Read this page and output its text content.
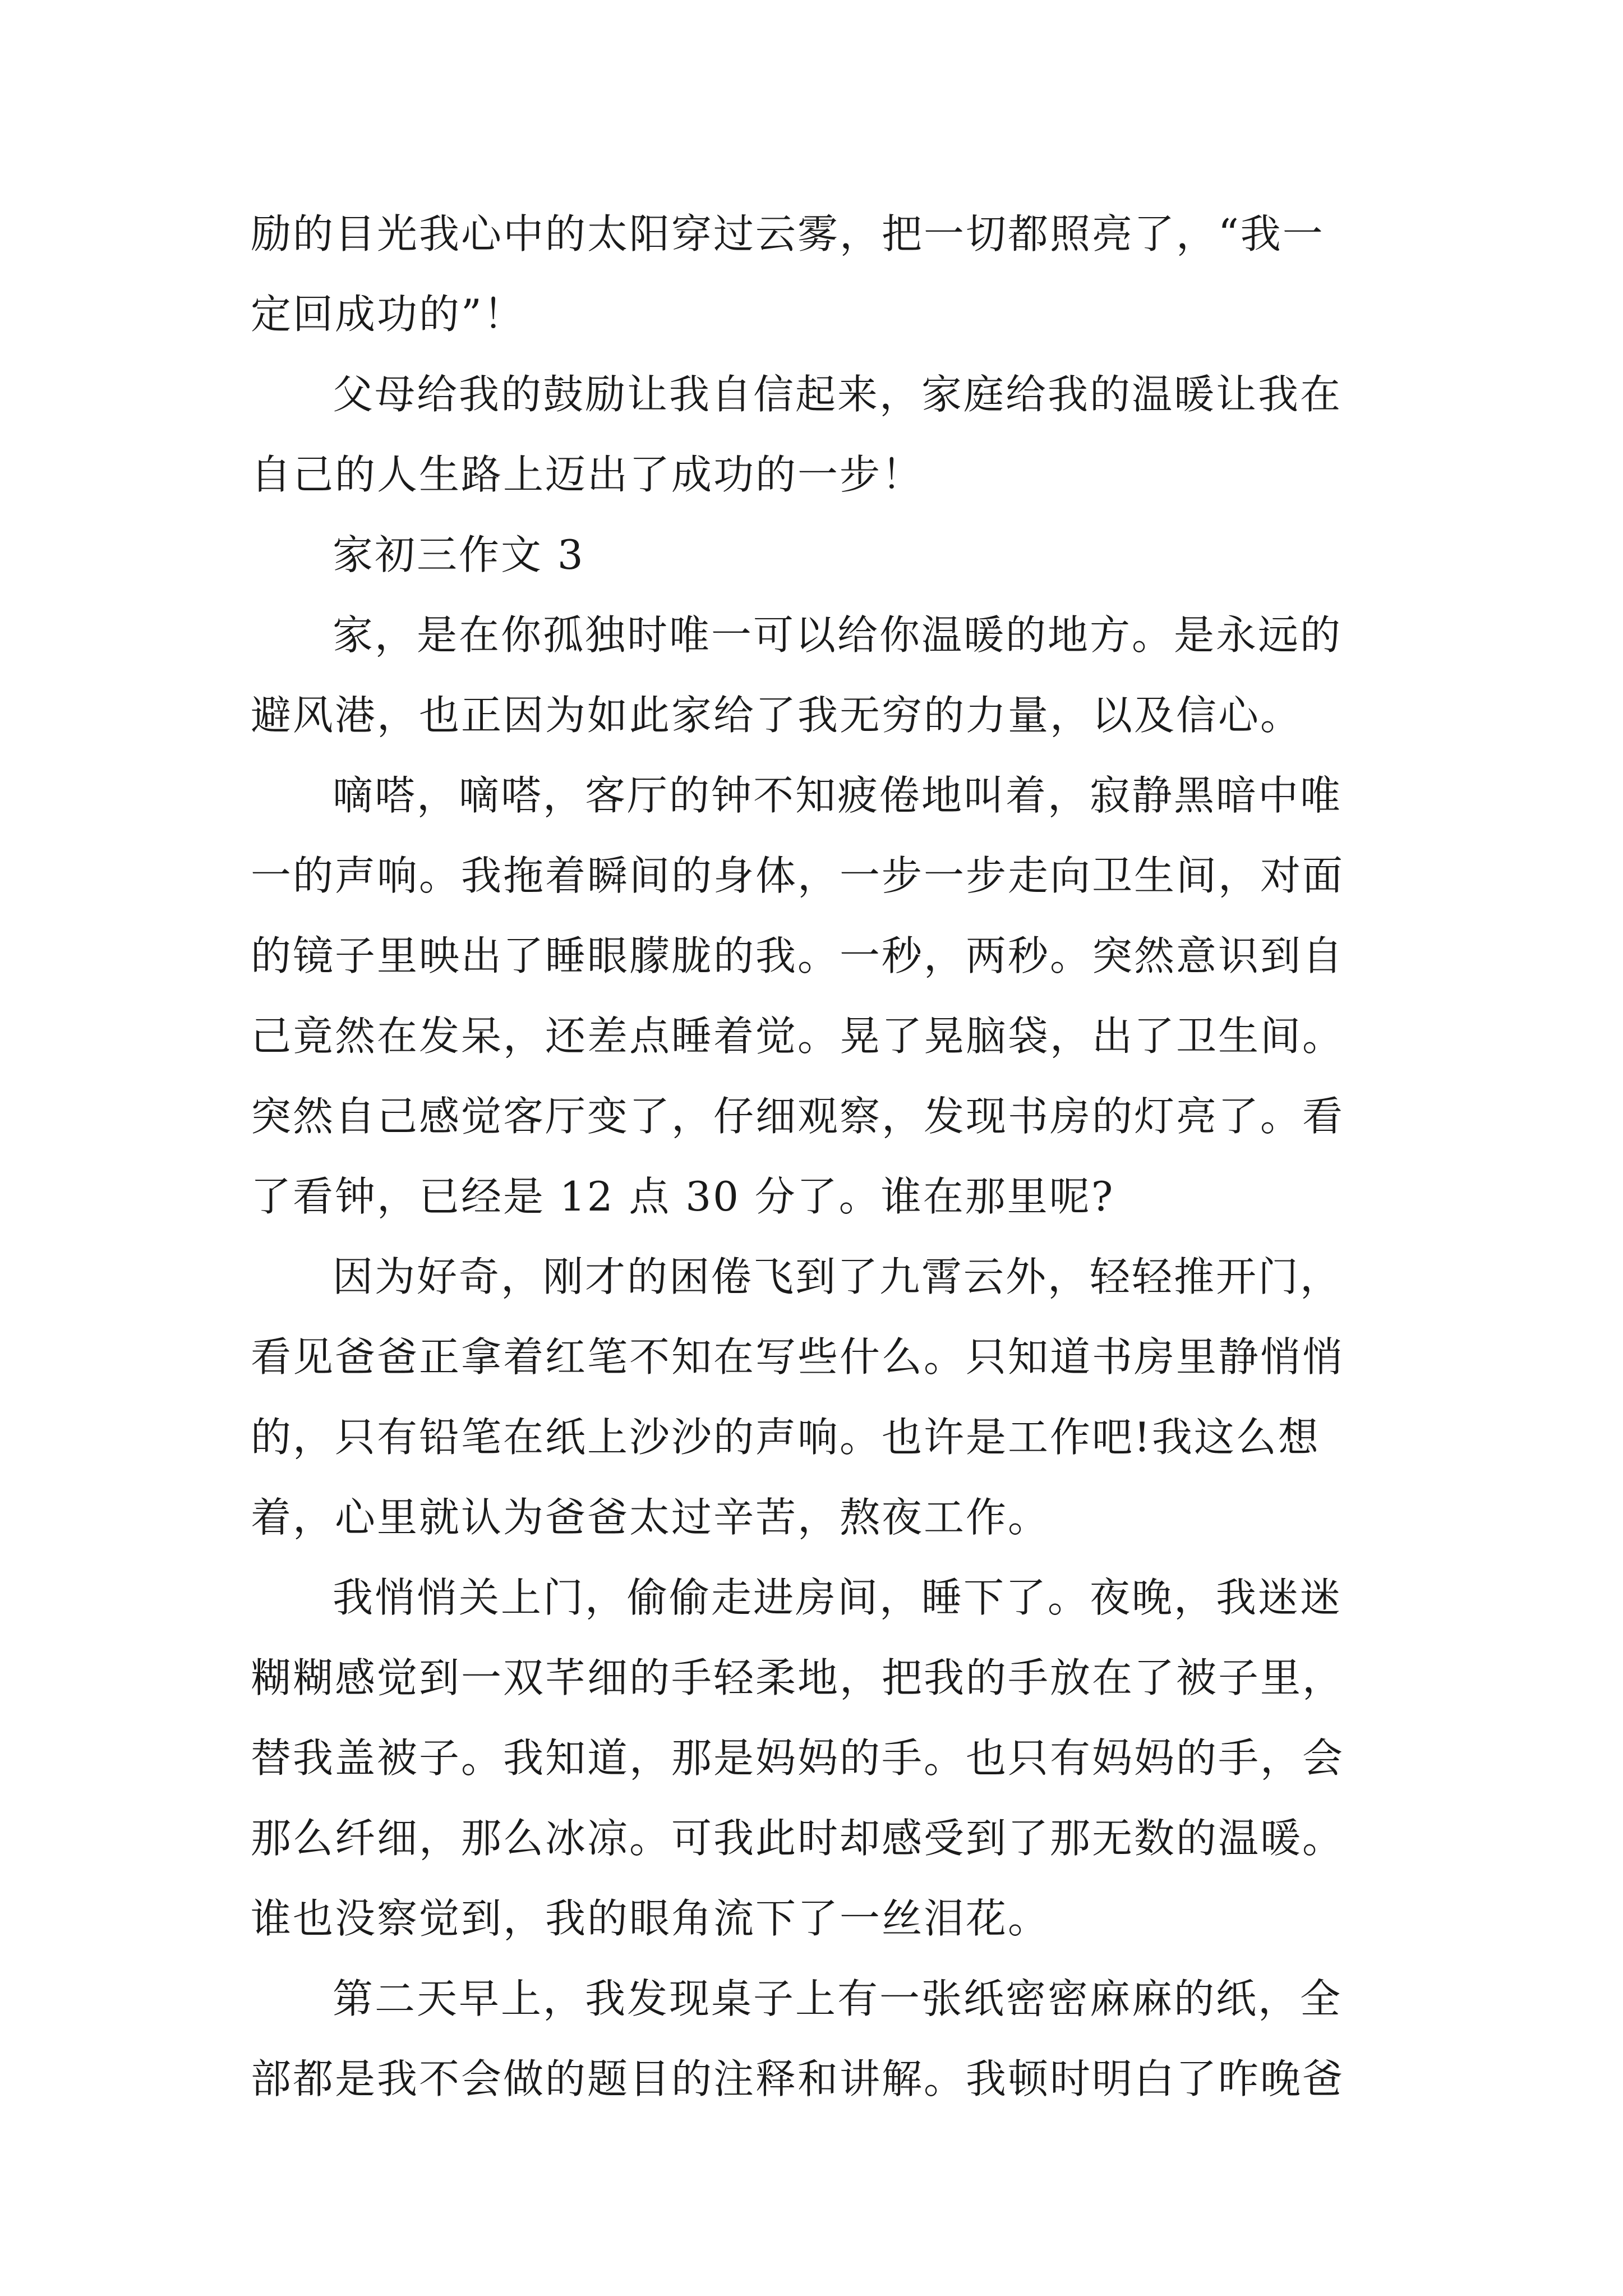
励的目光我心中的太阳穿过云雾，把一切都照亮了，“我一
定回成功的”！
父母给我的鼓励让我自信起来，家庭给我的温暖让我在
自己的人生路上迈出了成功的一步！
家初三作文 3
家，是在你孤独时唯一可以给你温暖的地方。是永远的
避风港，也正因为如此家给了我无穷的力量，以及信心。
嘀嗒，嘀嗒，客厅的钟不知疲倦地叫着，寂静黑暗中唯
一的声响。我拖着瞬间的身体，一步一步走向卫生间，对面
的镜子里映出了睡眼朦胧的我。一秒，两秒。突然意识到自
己竟然在发呆，还差点睡着觉。晃了晃脑袋，出了卫生间。
突然自己感觉客厅变了，仔细观察，发现书房的灯亮了。看
了看钟，已经是 12 点 30 分了。谁在那里呢?
因为好奇，刚才的困倦飞到了九霄云外，轻轻推开门，
看见爸爸正拿着红笔不知在写些什么。只知道书房里静悄悄
的，只有铅笔在纸上沙沙的声响。也许是工作吧!我这么想
着，心里就认为爸爸太过辛苦，熬夜工作。
我悄悄关上门，偷偷走进房间，睡下了。夜晚，我迷迷
糊糊感觉到一双芊细的手轻柔地，把我的手放在了被子里，
替我盖被子。我知道，那是妈妈的手。也只有妈妈的手，会
那么纤细，那么冰凉。可我此时却感受到了那无数的温暖。
谁也没察觉到，我的眼角流下了一丝泪花。
第二天早上，我发现桌子上有一张纸密密麻麻的纸，全
部都是我不会做的题目的注释和讲解。我顿时明白了昨晚爸
